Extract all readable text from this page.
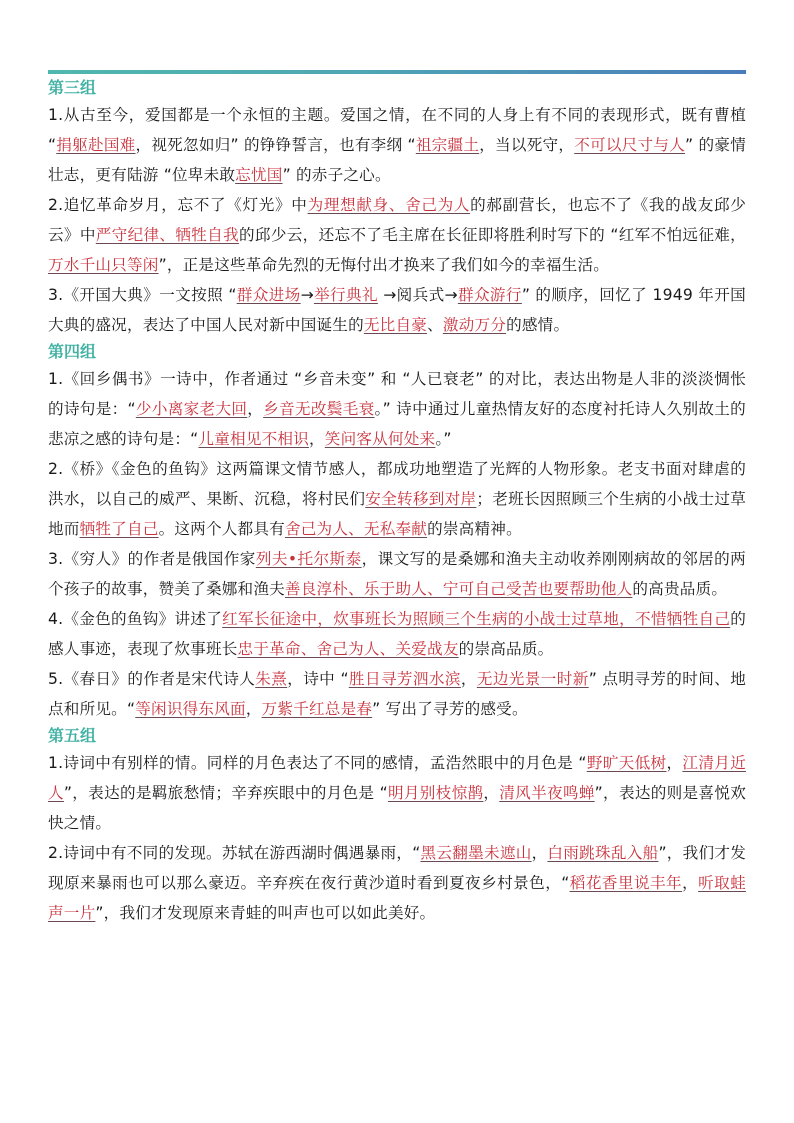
第三组

1.从古至今，爱国都是一个永恒的主题。爱国之情，在不同的人身上有不同的表现形式，既有曹植 “捐躯赴国难，视死忽如归” 的铮铮誓言，也有李纲 “祖宗疆土，当以死守，不可以尺寸与人” 的豪情壮志，更有陆游 “位卑未敢忘忧国” 的赤子之心。

2.追忆革命岁月，忘不了《灯光》中为理想献身、舍己为人的郝副营长，也忘不了《我的战友邱少云》中严守纪律、牺牲自我的邱少云，还忘不了毛主席在长征即将胜利时写下的 “红军不怕远征难，万水千山只等闲”，正是这些革命先烈的无悔付出才换来了我们如今的幸福生活。

3.《开国大典》一文按照 “群众进场→举行典礼 →阅兵式→群众游行” 的顺序，回忆了 1949 年开国大典的盛况，表达了中国人民对新中国诞生的无比自豪、激动万分的感情。

第四组

1.《回乡偶书》一诗中，作者通过 “乡音未变” 和 “人已衰老” 的对比，表达出物是人非的淡淡惆怅的诗句是：“少小离家老大回，乡音无改鬓毛衰。” 诗中通过儿童热情友好的态度衬托诗人久别故土的悲凉之感的诗句是：“儿童相见不相识，笑问客从何处来。”

2.《桥》《金色的鱼钩》这两篇课文情节感人，都成功地塑造了光辉的人物形象。老支书面对肆虐的洪水，以自己的威严、果断、沉稳，将村民们安全转移到对岸；老班长因照顾三个生病的小战士过草地而牺牲了自己。这两个人都具有舍己为人、无私奉献的崇高精神。

3.《穷人》的作者是俄国作家列夫•托尔斯泰，课文写的是桑娜和渔夫主动收养刚刚病故的邻居的两个孩子的故事，赞美了桑娜和渔夫善良淳朴、乐于助人、宁可自己受苦也要帮助他人的高贵品质。

4.《金色的鱼钩》讲述了红军长征途中，炊事班长为照顾三个生病的小战士过草地，不惜牺牲自己的感人事迹，表现了炊事班长忠于革命、舍己为人、关爱战友的崇高品质。

5.《春日》的作者是宋代诗人朱熹，诗中 “胜日寻芳泗水滨，无边光景一时新” 点明寻芳的时间、地点和所见。“等闲识得东风面，万紫千红总是春” 写出了寻芳的感受。

第五组

1.诗词中有别样的情。同样的月色表达了不同的感情，孟浩然眼中的月色是 “野旷天低树，江清月近人”，表达的是羁旅愁情；辛弃疾眼中的月色是 “明月别枝惊鹊，清风半夜鸣蝉”，表达的则是喜悦欢快之情。

2.诗词中有不同的发现。苏轼在游西湖时偶遇暴雨，“黑云翻墨未遮山，白雨跳珠乱入船”，我们才发现原来暴雨也可以那么豪迈。辛弃疾在夜行黄沙道时看到夏夜乡村景色，“稻花香里说丰年，听取蛙声一片”，我们才发现原来青蛙的叫声也可以如此美好。
